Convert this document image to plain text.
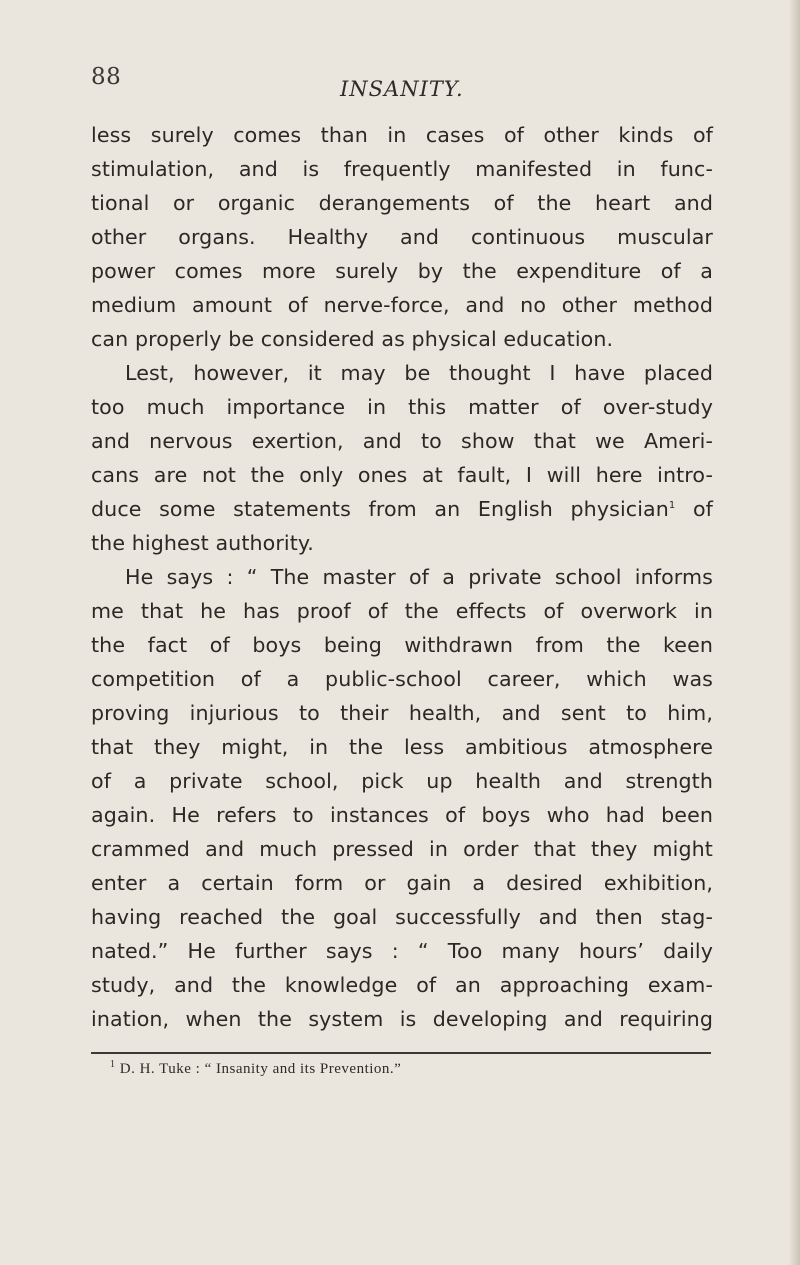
88	INSANITY.
less surely comes than in cases of other kinds of
stimulation, and is frequently manifested in func-
tional or organic derangements of the heart and
other organs. Healthy and continuous muscular
power comes more surely by the expenditure of a
medium amount of nerve-force, and no other method
can properly be considered as physical education.
Lest, however, it may be thought I have placed
too much importance in this matter of over-study
and nervous exertion, and to show that we Ameri-
cans are not the only ones at fault, I will here intro-
duce some statements from an English physician$^1$ of
the highest authority.
He says : “ The master of a private school informs
me that he has proof of the effects of overwork in
the fact of boys being withdrawn from the keen
competition of a public-school career, which was
proving injurious to their health, and sent to him,
that they might, in the less ambitious atmosphere
of a private school, pick up health and strength
again. He refers to instances of boys who had been
crammed and much pressed in order that they might
enter a certain form or gain a desired exhibition,
having reached the goal successfully and then stag-
nated.” He further says : “ Too many hours’ daily
study, and the knowledge of an approaching exam-
ination, when the system is developing and requiring
$^1$ D. H. Tuke : “ Insanity and its Prevention.”
